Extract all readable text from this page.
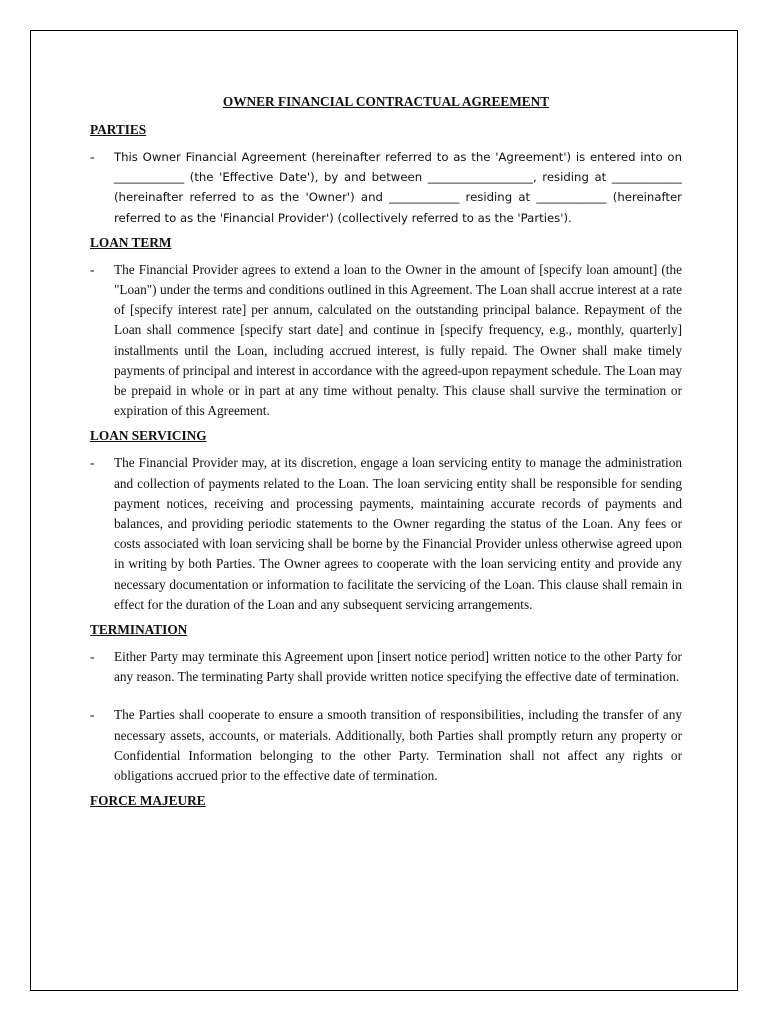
OWNER FINANCIAL CONTRACTUAL AGREEMENT
PARTIES
- This Owner Financial Agreement (hereinafter referred to as the 'Agreement') is entered into on ____________ (the 'Effective Date'), by and between __________________, residing at ____________ (hereinafter referred to as the 'Owner') and ____________ residing at ____________ (hereinafter referred to as the 'Financial Provider') (collectively referred to as the 'Parties').
LOAN TERM
- The Financial Provider agrees to extend a loan to the Owner in the amount of [specify loan amount] (the "Loan") under the terms and conditions outlined in this Agreement. The Loan shall accrue interest at a rate of [specify interest rate] per annum, calculated on the outstanding principal balance. Repayment of the Loan shall commence [specify start date] and continue in [specify frequency, e.g., monthly, quarterly] installments until the Loan, including accrued interest, is fully repaid. The Owner shall make timely payments of principal and interest in accordance with the agreed-upon repayment schedule. The Loan may be prepaid in whole or in part at any time without penalty. This clause shall survive the termination or expiration of this Agreement.
LOAN SERVICING
- The Financial Provider may, at its discretion, engage a loan servicing entity to manage the administration and collection of payments related to the Loan. The loan servicing entity shall be responsible for sending payment notices, receiving and processing payments, maintaining accurate records of payments and balances, and providing periodic statements to the Owner regarding the status of the Loan. Any fees or costs associated with loan servicing shall be borne by the Financial Provider unless otherwise agreed upon in writing by both Parties. The Owner agrees to cooperate with the loan servicing entity and provide any necessary documentation or information to facilitate the servicing of the Loan. This clause shall remain in effect for the duration of the Loan and any subsequent servicing arrangements.
TERMINATION
- Either Party may terminate this Agreement upon [insert notice period] written notice to the other Party for any reason. The terminating Party shall provide written notice specifying the effective date of termination.
- The Parties shall cooperate to ensure a smooth transition of responsibilities, including the transfer of any necessary assets, accounts, or materials. Additionally, both Parties shall promptly return any property or Confidential Information belonging to the other Party. Termination shall not affect any rights or obligations accrued prior to the effective date of termination.
FORCE MAJEURE
